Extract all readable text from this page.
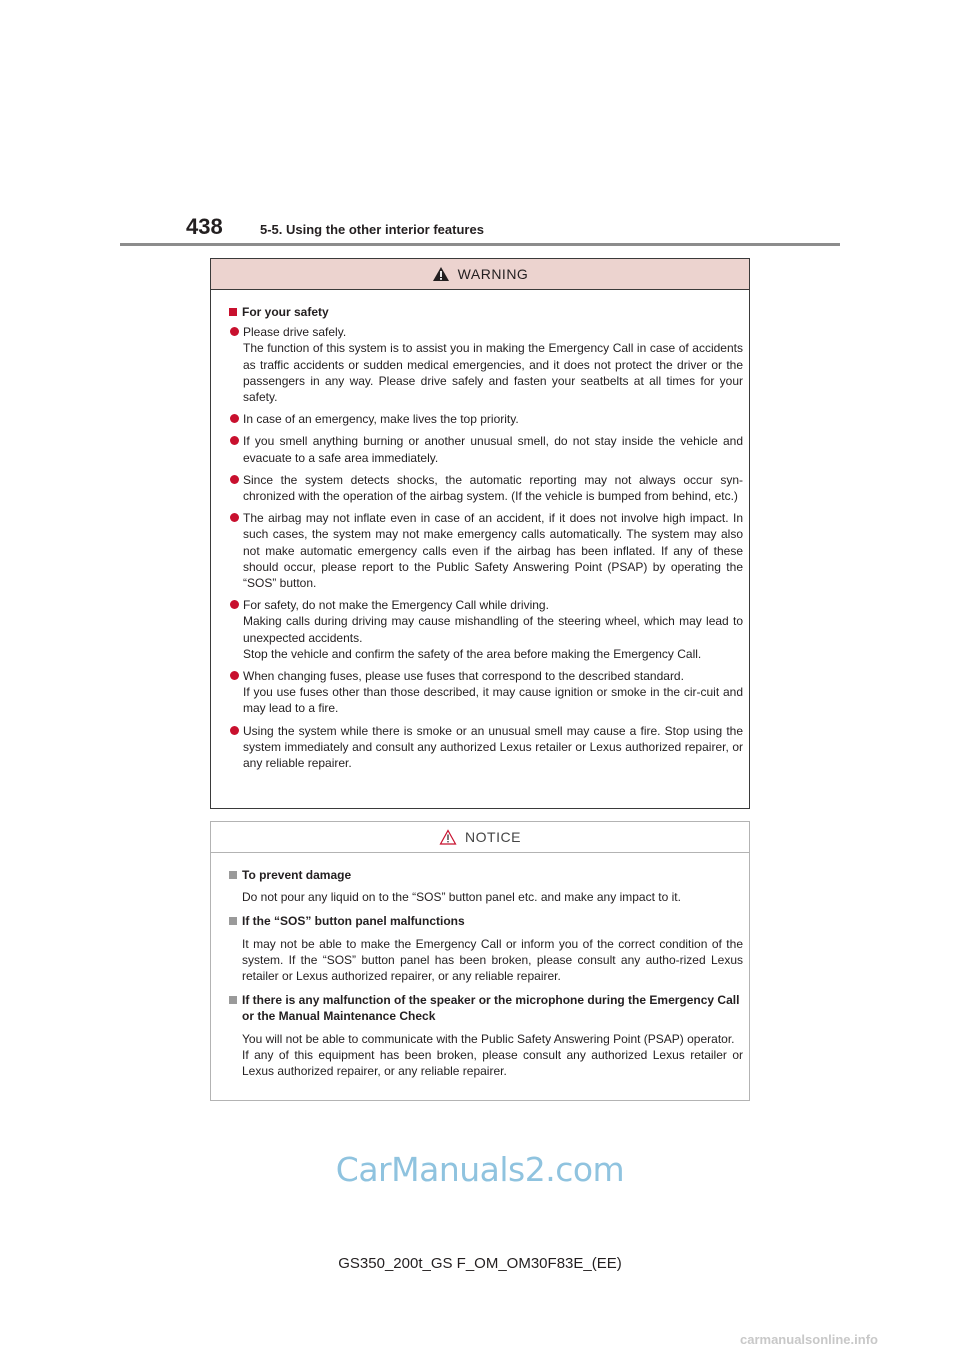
438	5-5. Using the other interior features
WARNING
For your safety
Please drive safely.
The function of this system is to assist you in making the Emergency Call in case of accidents as traffic accidents or sudden medical emergencies, and it does not protect the driver or the passengers in any way. Please drive safely and fasten your seatbelts at all times for your safety.
In case of an emergency, make lives the top priority.
If you smell anything burning or another unusual smell, do not stay inside the vehicle and evacuate to a safe area immediately.
Since the system detects shocks, the automatic reporting may not always occur syn-chronized with the operation of the airbag system. (If the vehicle is bumped from behind, etc.)
The airbag may not inflate even in case of an accident, if it does not involve high impact. In such cases, the system may not make emergency calls automatically. The system may also not make automatic emergency calls even if the airbag has been inflated. If any of these should occur, please report to the Public Safety Answering Point (PSAP) by operating the “SOS” button.
For safety, do not make the Emergency Call while driving.
Making calls during driving may cause mishandling of the steering wheel, which may lead to unexpected accidents.
Stop the vehicle and confirm the safety of the area before making the Emergency Call.
When changing fuses, please use fuses that correspond to the described standard.
If you use fuses other than those described, it may cause ignition or smoke in the cir-cuit and may lead to a fire.
Using the system while there is smoke or an unusual smell may cause a fire. Stop using the system immediately and consult any authorized Lexus retailer or Lexus authorized repairer, or any reliable repairer.
NOTICE
To prevent damage
Do not pour any liquid on to the “SOS” button panel etc. and make any impact to it.
If the “SOS” button panel malfunctions
It may not be able to make the Emergency Call or inform you of the correct condition of the system. If the “SOS” button panel has been broken, please consult any autho-rized Lexus retailer or Lexus authorized repairer, or any reliable repairer.
If there is any malfunction of the speaker or the microphone during the Emergency Call or the Manual Maintenance Check
You will not be able to communicate with the Public Safety Answering Point (PSAP) operator.
If any of this equipment has been broken, please consult any authorized Lexus retailer or Lexus authorized repairer, or any reliable repairer.
CarManuals2.com
GS350_200t_GS F_OM_OM30F83E_(EE)
carmanualsonline.info
